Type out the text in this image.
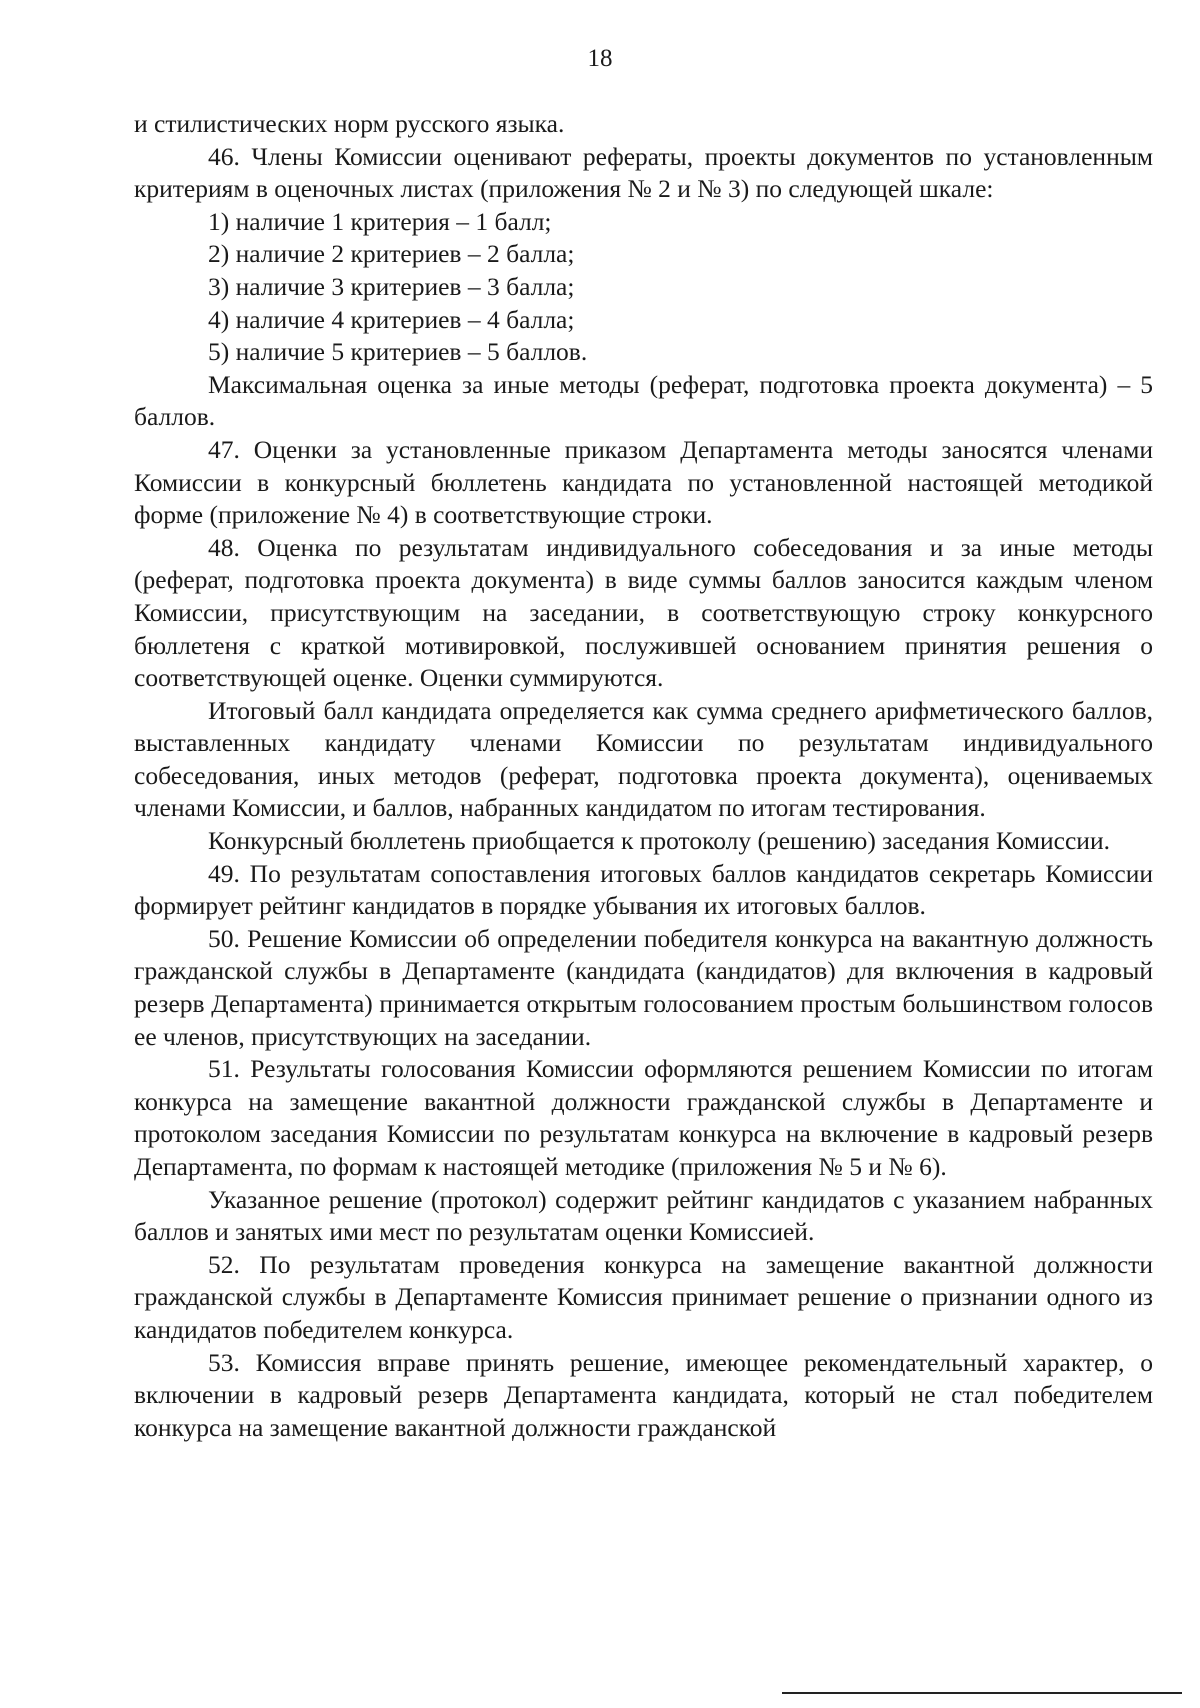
18

и стилистических норм русского языка.

46. Члены Комиссии оценивают рефераты, проекты документов по установленным критериям в оценочных листах (приложения № 2 и № 3) по следующей шкале:

1) наличие 1 критерия – 1 балл;

2) наличие 2 критериев – 2 балла;

3) наличие 3 критериев – 3 балла;

4) наличие 4 критериев – 4 балла;

5) наличие 5 критериев – 5 баллов.

Максимальная оценка за иные методы (реферат, подготовка проекта документа) – 5 баллов.

47. Оценки за установленные приказом Департамента методы заносятся членами Комиссии в конкурсный бюллетень кандидата по установленной настоящей методикой форме (приложение № 4) в соответствующие строки.

48. Оценка по результатам индивидуального собеседования и за иные методы (реферат, подготовка проекта документа) в виде суммы баллов заносится каждым членом Комиссии, присутствующим на заседании, в соответствующую строку конкурсного бюллетеня с краткой мотивировкой, послужившей основанием принятия решения о соответствующей оценке. Оценки суммируются.

Итоговый балл кандидата определяется как сумма среднего арифметического баллов, выставленных кандидату членами Комиссии по результатам индивидуального собеседования, иных методов (реферат, подготовка проекта документа), оцениваемых членами Комиссии, и баллов, набранных кандидатом по итогам тестирования.

Конкурсный бюллетень приобщается к протоколу (решению) заседания Комиссии.

49. По результатам сопоставления итоговых баллов кандидатов секретарь Комиссии формирует рейтинг кандидатов в порядке убывания их итоговых баллов.

50. Решение Комиссии об определении победителя конкурса на вакантную должность гражданской службы в Департаменте (кандидата (кандидатов) для включения в кадровый резерв Департамента) принимается открытым голосованием простым большинством голосов ее членов, присутствующих на заседании.

51. Результаты голосования Комиссии оформляются решением Комиссии по итогам конкурса на замещение вакантной должности гражданской службы в Департаменте и протоколом заседания Комиссии по результатам конкурса на включение в кадровый резерв Департамента, по формам к настоящей методике (приложения № 5 и № 6).

Указанное решение (протокол) содержит рейтинг кандидатов с указанием набранных баллов и занятых ими мест по результатам оценки Комиссией.

52. По результатам проведения конкурса на замещение вакантной должности гражданской службы в Департаменте Комиссия принимает решение о признании одного из кандидатов победителем конкурса.

53. Комиссия вправе принять решение, имеющее рекомендательный характер, о включении в кадровый резерв Департамента кандидата, который не стал победителем конкурса на замещение вакантной должности гражданской
